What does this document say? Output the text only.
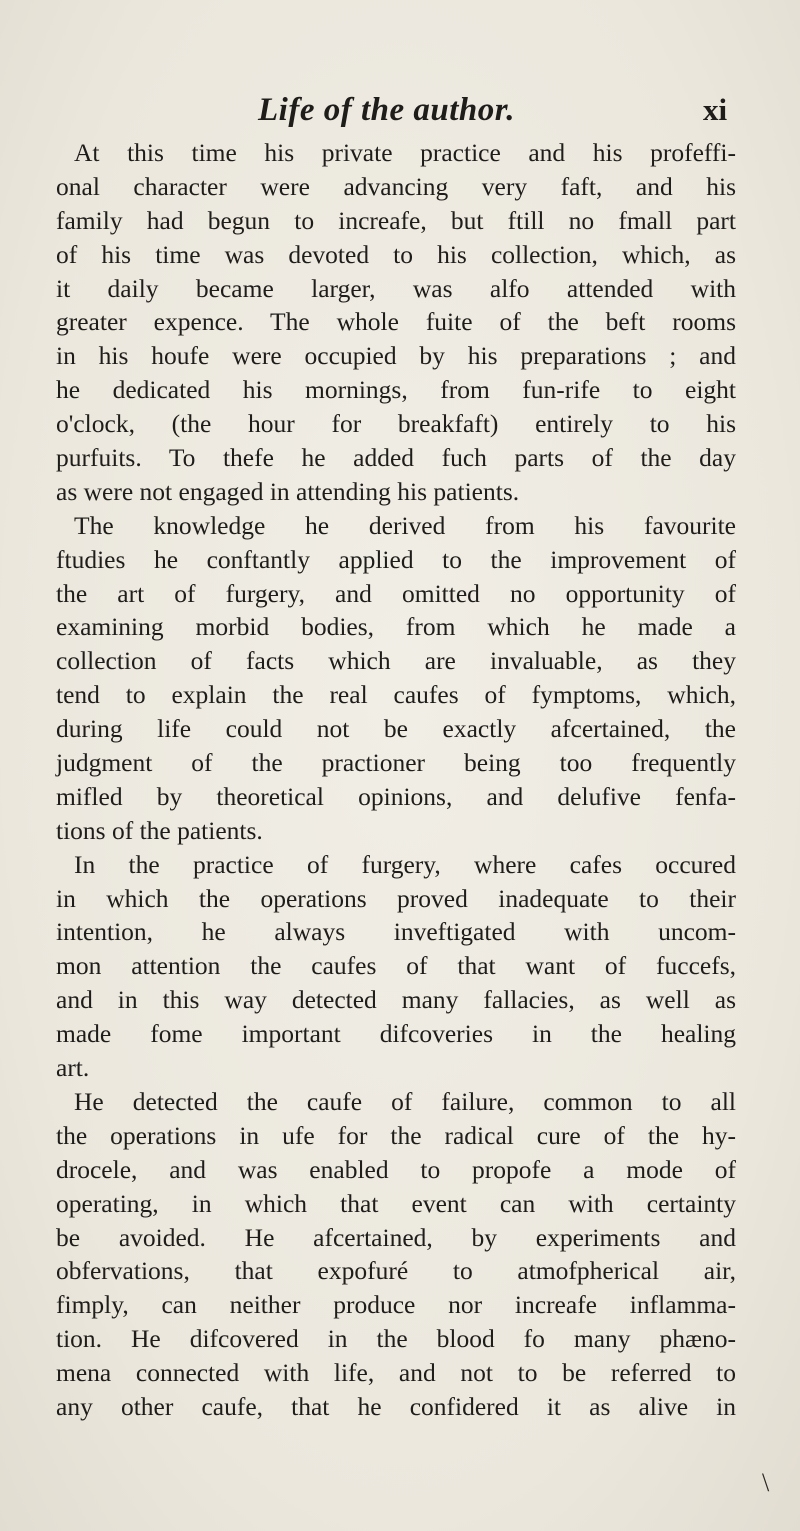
Life of the author.	xi
At this time his private practice and his profeffi-
onal character were advancing very faft, and his
family had begun to increafe, but ftill no fmall part
of his time was devoted to his collection, which, as
it daily became larger, was alfo attended with
greater expence. The whole fuite of the beft rooms
in his houfe were occupied by his preparations ; and
he dedicated his mornings, from fun-rife to eight
o'clock, (the hour for breakfaft) entirely to his
purfuits. To thefe he added fuch parts of the day
as were not engaged in attending his patients.
The knowledge he derived from his favourite
ftudies he conftantly applied to the improvement of
the art of furgery, and omitted no opportunity of
examining morbid bodies, from which he made a
collection of facts which are invaluable, as they
tend to explain the real caufes of fymptoms, which,
during life could not be exactly afcertained, the
judgment of the practioner being too frequently
mifled by theoretical opinions, and delufive fenfa-
tions of the patients.
In the practice of furgery, where cafes occured
in which the operations proved inadequate to their
intention, he always inveftigated with uncom-
mon attention the caufes of that want of fuccefs,
and in this way detected many fallacies, as well as
made fome important difcoveries in the healing
art.
He detected the caufe of failure, common to all
the operations in ufe for the radical cure of the hy-
drocele, and was enabled to propofe a mode of
operating, in which that event can with certainty
be avoided. He afcertained, by experiments and
obfervations, that expofuré to atmofpherical air,
fimply, can neither produce nor increafe inflamma-
tion. He difcovered in the blood fo many phæno-
mena connected with life, and not to be referred to
any other caufe, that he confidered it as alive in
\
